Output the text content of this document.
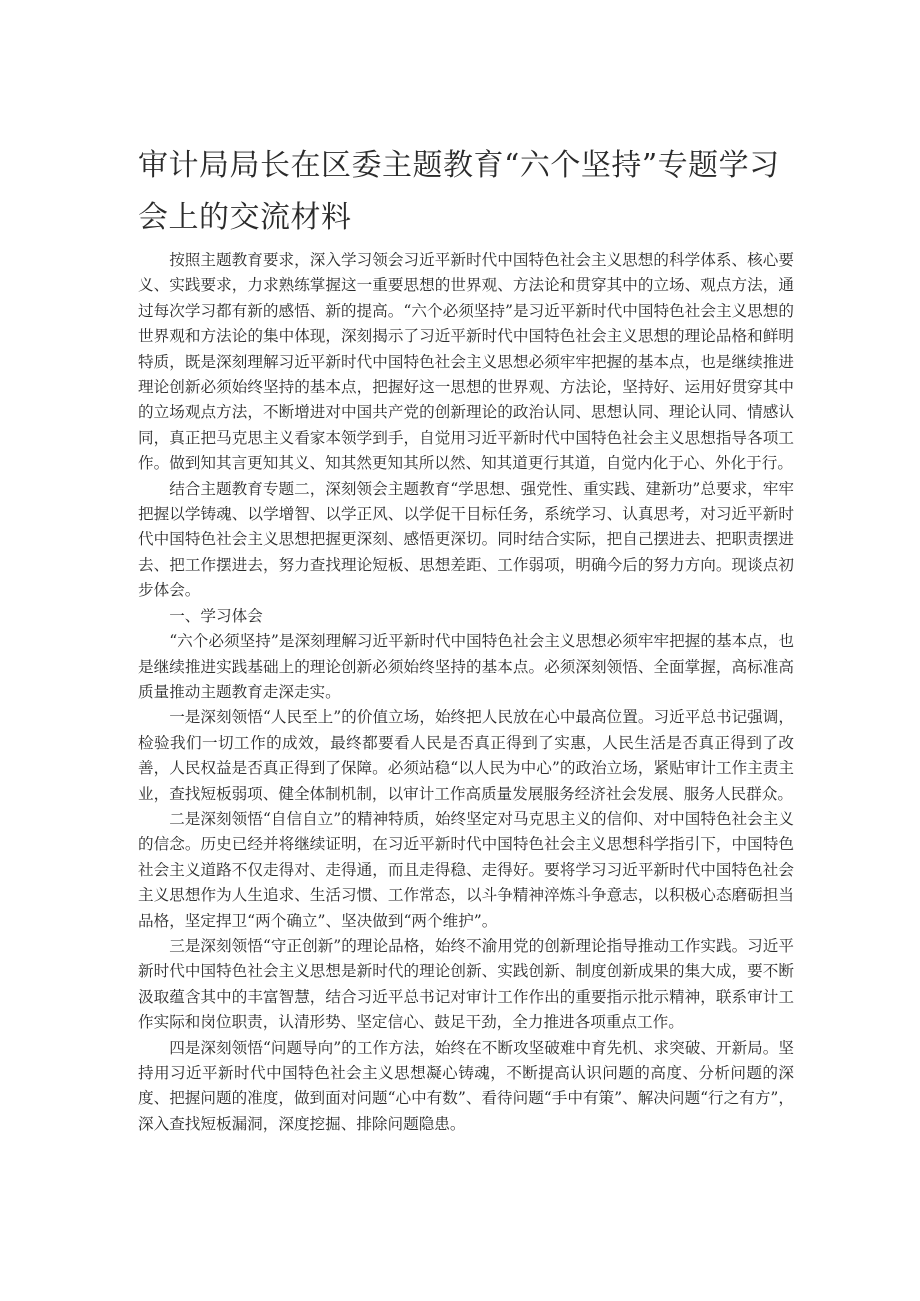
审计局局长在区委主题教育“六个坚持”专题学习会上的交流材料

按照主题教育要求，深入学习领会习近平新时代中国特色社会主义思想的科学体系、核心要义、实践要求，力求熟练掌握这一重要思想的世界观、方法论和贯穿其中的立场、观点方法，通过每次学习都有新的感悟、新的提高。“六个必须坚持”是习近平新时代中国特色社会主义思想的世界观和方法论的集中体现，深刻揭示了习近平新时代中国特色社会主义思想的理论品格和鲜明特质，既是深刻理解习近平新时代中国特色社会主义思想必须牢牢把握的基本点，也是继续推进理论创新必须始终坚持的基本点，把握好这一思想的世界观、方法论，坚持好、运用好贯穿其中的立场观点方法，不断增进对中国共产党的创新理论的政治认同、思想认同、理论认同、情感认同，真正把马克思主义看家本领学到手，自觉用习近平新时代中国特色社会主义思想指导各项工作。做到知其言更知其义、知其然更知其所以然、知其道更行其道，自觉内化于心、外化于行。

结合主题教育专题二，深刻领会主题教育“学思想、强党性、重实践、建新功”总要求，牢牢把握以学铸魂、以学增智、以学正风、以学促干目标任务，系统学习、认真思考，对习近平新时代中国特色社会主义思想把握更深刻、感悟更深切。同时结合实际，把自己摆进去、把职责摆进去、把工作摆进去，努力查找理论短板、思想差距、工作弱项，明确今后的努力方向。现谈点初步体会。

一、学习体会

“六个必须坚持”是深刻理解习近平新时代中国特色社会主义思想必须牢牢把握的基本点，也是继续推进实践基础上的理论创新必须始终坚持的基本点。必须深刻领悟、全面掌握，高标准高质量推动主题教育走深走实。

一是深刻领悟“人民至上”的价值立场，始终把人民放在心中最高位置。习近平总书记强调，检验我们一切工作的成效，最终都要看人民是否真正得到了实惠，人民生活是否真正得到了改善，人民权益是否真正得到了保障。必须站稳“以人民为中心”的政治立场，紧贴审计工作主责主业，查找短板弱项、健全体制机制，以审计工作高质量发展服务经济社会发展、服务人民群众。

二是深刻领悟“自信自立”的精神特质，始终坚定对马克思主义的信仰、对中国特色社会主义的信念。历史已经并将继续证明，在习近平新时代中国特色社会主义思想科学指引下，中国特色社会主义道路不仅走得对、走得通，而且走得稳、走得好。要将学习习近平新时代中国特色社会主义思想作为人生追求、生活习惯、工作常态，以斗争精神淬炼斗争意志，以积极心态磨砺担当品格，坚定捍卫“两个确立”、坚决做到“两个维护”。

三是深刻领悟“守正创新”的理论品格，始终不渝用党的创新理论指导推动工作实践。习近平新时代中国特色社会主义思想是新时代的理论创新、实践创新、制度创新成果的集大成，要不断汲取蕴含其中的丰富智慧，结合习近平总书记对审计工作作出的重要指示批示精神，联系审计工作实际和岗位职责，认清形势、坚定信心、鼓足干劲，全力推进各项重点工作。

四是深刻领悟“问题导向”的工作方法，始终在不断攻坚破难中育先机、求突破、开新局。坚持用习近平新时代中国特色社会主义思想凝心铸魂，不断提高认识问题的高度、分析问题的深度、把握问题的准度，做到面对问题“心中有数”、看待问题“手中有策”、解决问题“行之有方”，深入查找短板漏洞，深度挖掘、排除问题隐患。
